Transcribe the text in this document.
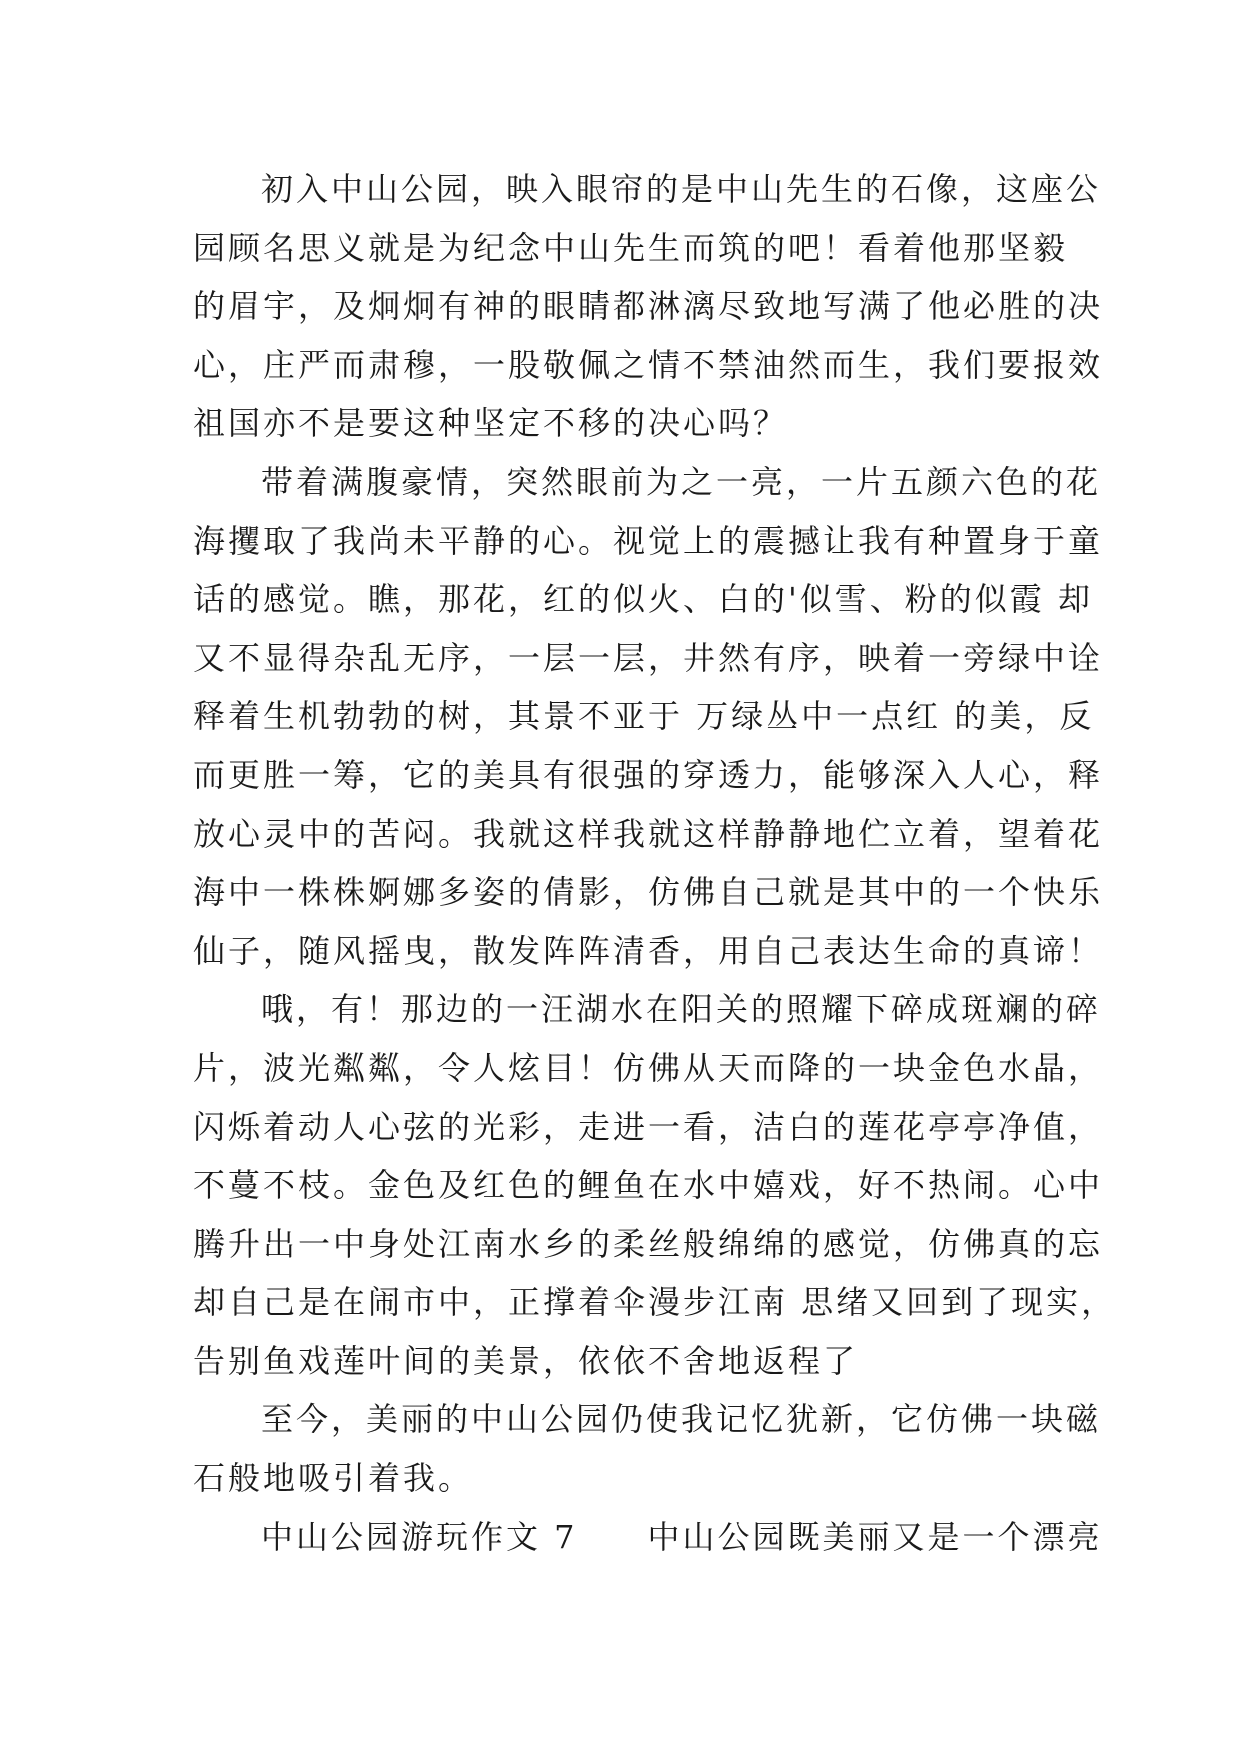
初入中山公园，映入眼帘的是中山先生的石像，这座公
园顾名思义就是为纪念中山先生而筑的吧！看着他那坚毅
的眉宇，及炯炯有神的眼睛都淋漓尽致地写满了他必胜的决
心，庄严而肃穆，一股敬佩之情不禁油然而生，我们要报效
祖国亦不是要这种坚定不移的决心吗？
带着满腹豪情，突然眼前为之一亮，一片五颜六色的花
海攫取了我尚未平静的心。视觉上的震撼让我有种置身于童
话的感觉。瞧，那花，红的似火、白的'似雪、粉的似霞 却
又不显得杂乱无序，一层一层，井然有序，映着一旁绿中诠
释着生机勃勃的树，其景不亚于 万绿丛中一点红 的美，反
而更胜一筹，它的美具有很强的穿透力，能够深入人心，释
放心灵中的苦闷。我就这样我就这样静静地伫立着，望着花
海中一株株婀娜多姿的倩影，仿佛自己就是其中的一个快乐
仙子，随风摇曳，散发阵阵清香，用自己表达生命的真谛！
哦，有！那边的一汪湖水在阳关的照耀下碎成斑斓的碎
片，波光粼粼，令人炫目！仿佛从天而降的一块金色水晶，
闪烁着动人心弦的光彩，走进一看，洁白的莲花亭亭净值，
不蔓不枝。金色及红色的鲤鱼在水中嬉戏，好不热闹。心中
腾升出一中身处江南水乡的柔丝般绵绵的感觉，仿佛真的忘
却自己是在闹市中，正撑着伞漫步江南 思绪又回到了现实，
告别鱼戏莲叶间的美景，依依不舍地返程了
至今，美丽的中山公园仍使我记忆犹新，它仿佛一块磁
石般地吸引着我。
中山公园游玩作文 7　　中山公园既美丽又是一个漂亮
